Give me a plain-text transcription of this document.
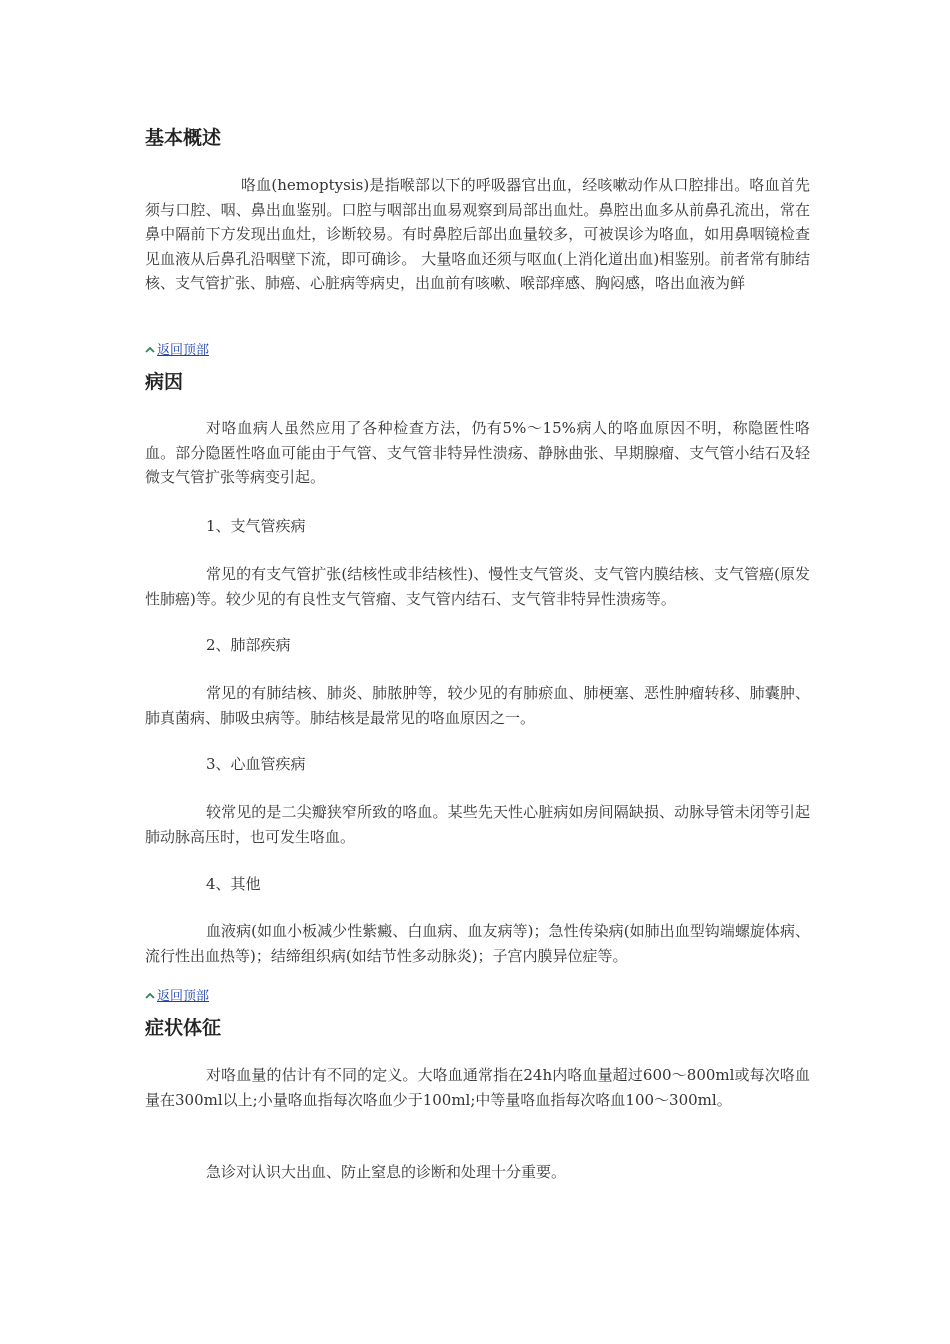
基本概述
咯血(hemoptysis)是指喉部以下的呼吸器官出血，经咳嗽动作从口腔排出。咯血首先须与口腔、咽、鼻出血鉴别。口腔与咽部出血易观察到局部出血灶。鼻腔出血多从前鼻孔流出，常在鼻中隔前下方发现出血灶，诊断较易。有时鼻腔后部出血量较多，可被误诊为咯血，如用鼻咽镜检查见血液从后鼻孔沿咽壁下流，即可确诊。 大量咯血还须与呕血(上消化道出血)相鉴别。前者常有肺结核、支气管扩张、肺癌、心脏病等病史，出血前有咳嗽、喉部痒感、胸闷感，咯出血液为鲜
返回顶部
病因
对咯血病人虽然应用了各种检查方法，仍有5%～15%病人的咯血原因不明，称隐匿性咯血。部分隐匿性咯血可能由于气管、支气管非特异性溃疡、静脉曲张、早期腺瘤、支气管小结石及轻微支气管扩张等病变引起。
1、支气管疾病
常见的有支气管扩张(结核性或非结核性)、慢性支气管炎、支气管内膜结核、支气管癌(原发性肺癌)等。较少见的有良性支气管瘤、支气管内结石、支气管非特异性溃疡等。
2、肺部疾病
常见的有肺结核、肺炎、肺脓肿等，较少见的有肺瘀血、肺梗塞、恶性肿瘤转移、肺囊肿、肺真菌病、肺吸虫病等。肺结核是最常见的咯血原因之一。
3、心血管疾病
较常见的是二尖瓣狭窄所致的咯血。某些先天性心脏病如房间隔缺损、动脉导管未闭等引起肺动脉高压时，也可发生咯血。
4、其他
血液病(如血小板减少性紫癜、白血病、血友病等)；急性传染病(如肺出血型钩端螺旋体病、流行性出血热等)；结缔组织病(如结节性多动脉炎)；子宫内膜异位症等。
返回顶部
症状体征
对咯血量的估计有不同的定义。大咯血通常指在24h内咯血量超过600～800ml或每次咯血量在300ml以上;小量咯血指每次咯血少于100ml;中等量咯血指每次咯血100～300ml。
急诊对认识大出血、防止窒息的诊断和处理十分重要。
